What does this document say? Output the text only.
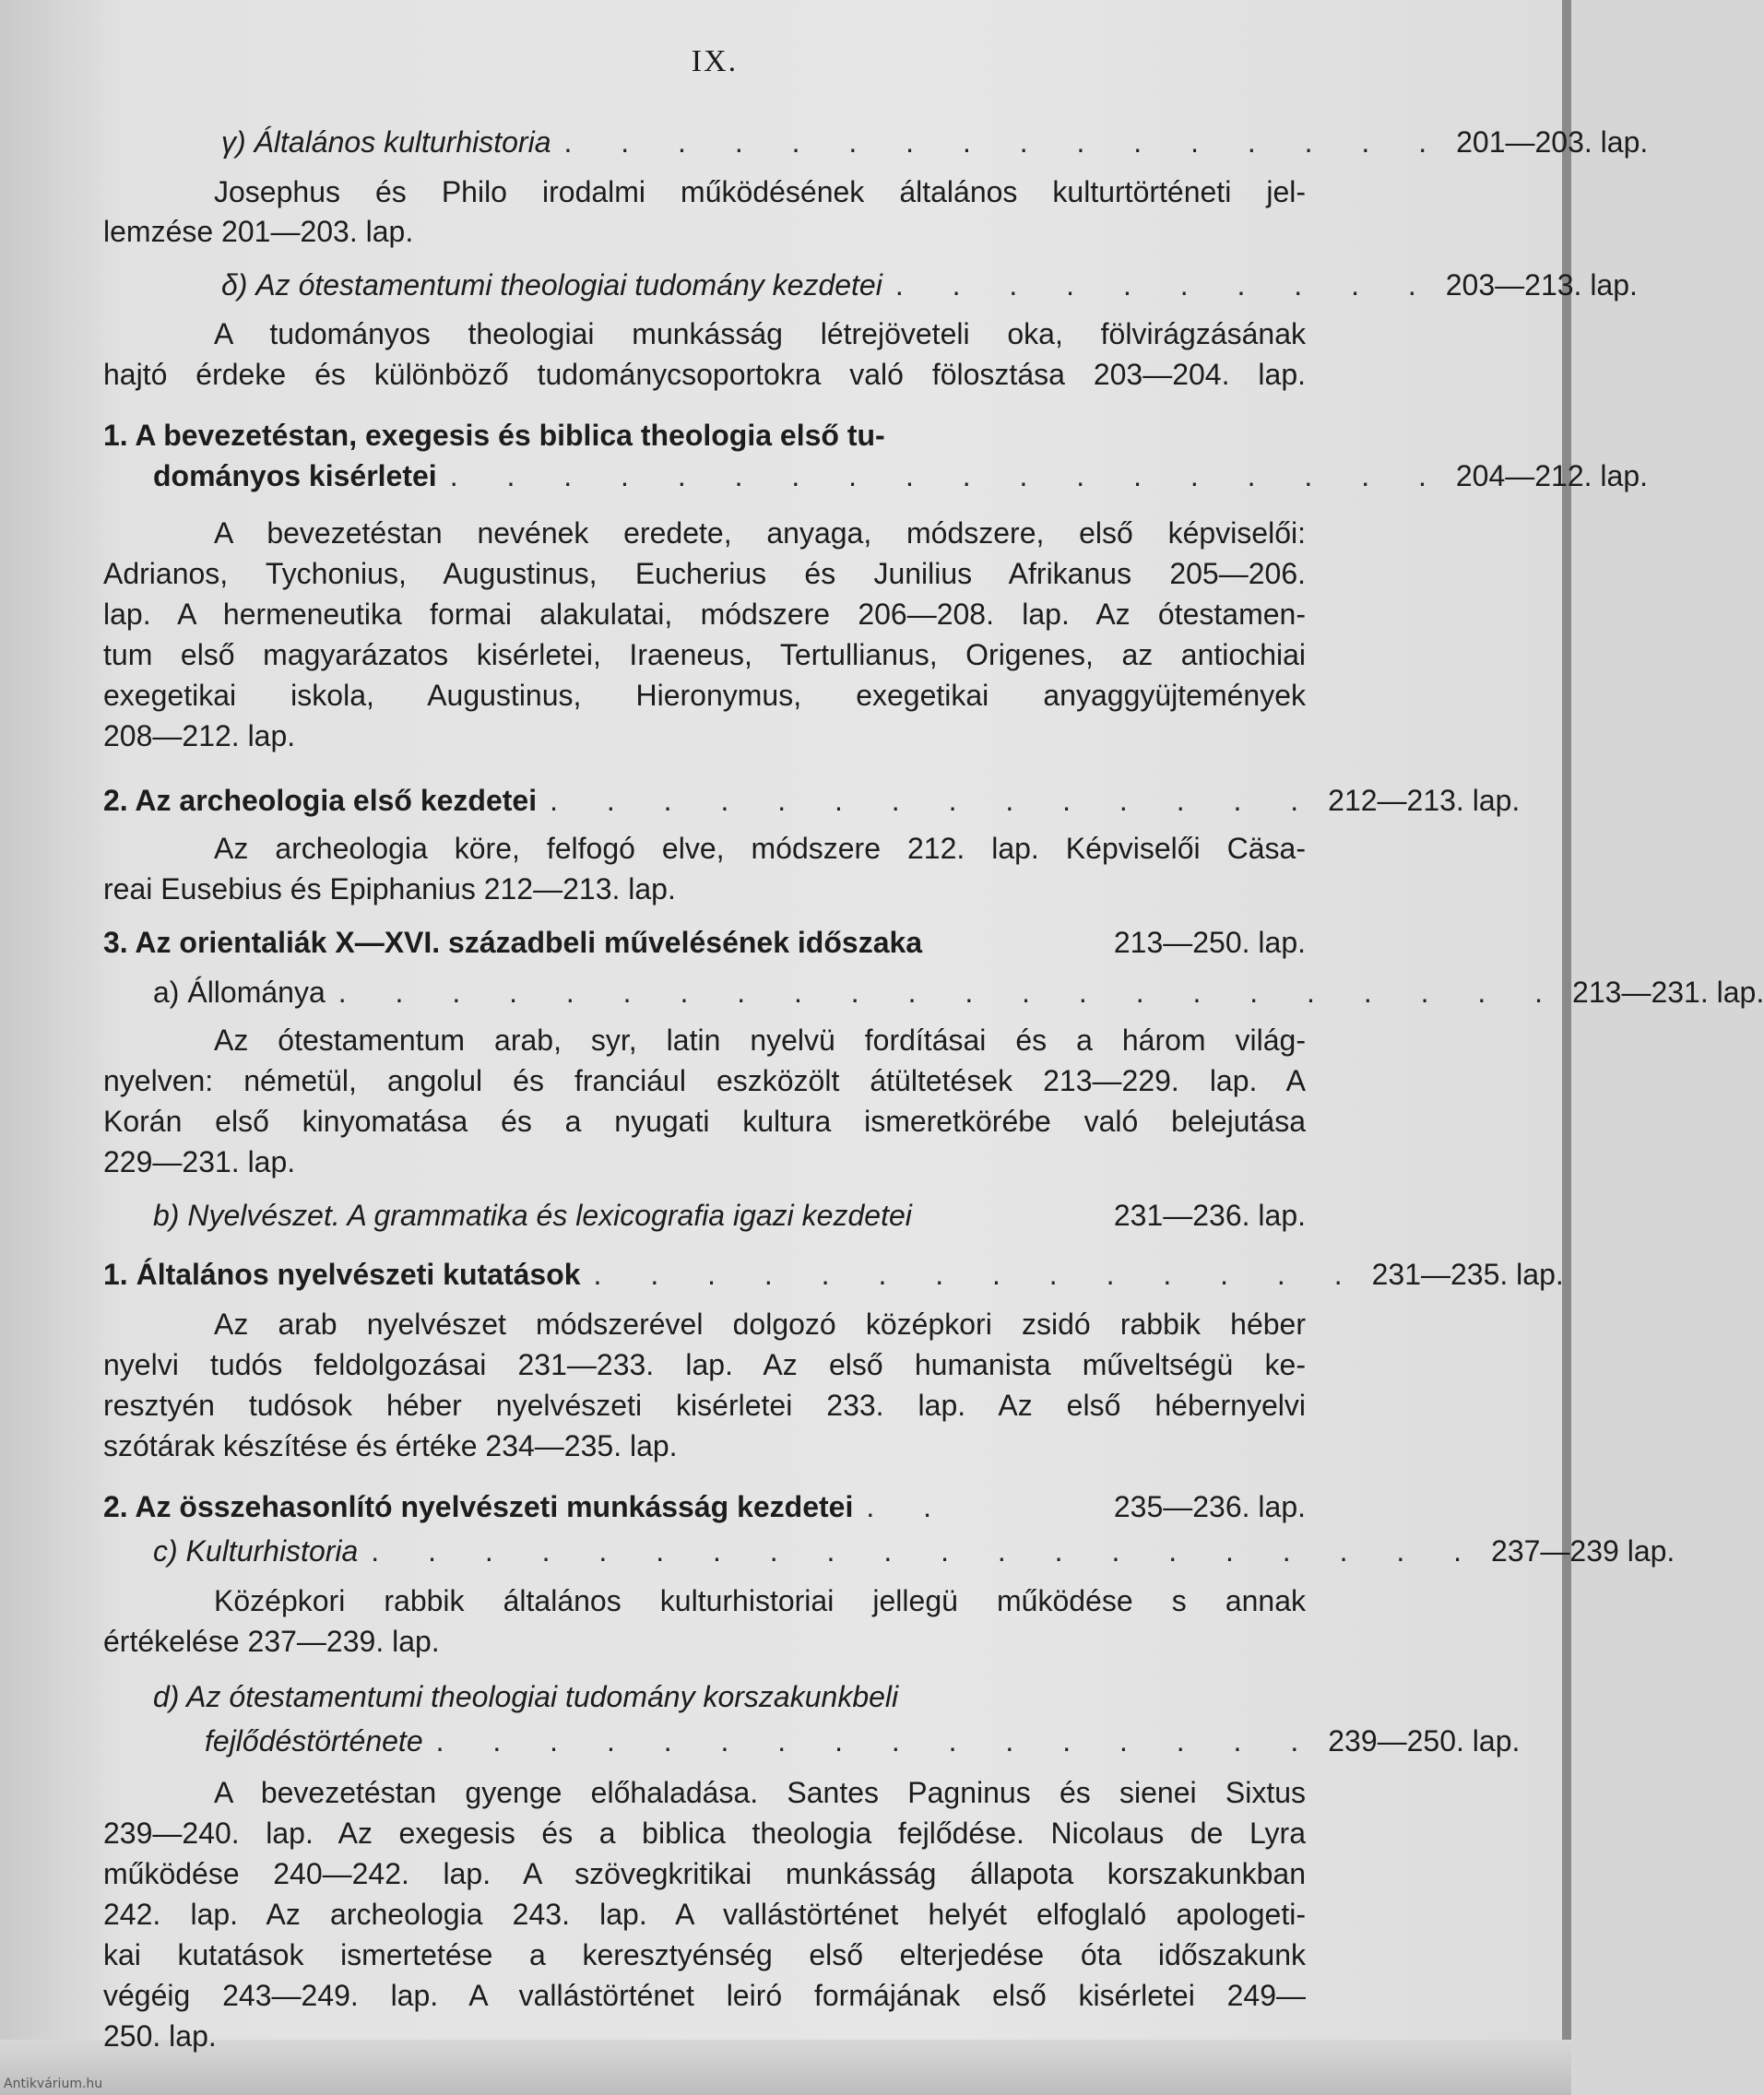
IX.
γ) Általános kulturhistoria . . . . . . . . . . . . . . . . 201—203. lap.
Josephus és Philo irodalmi működésének általános kulturtörténeti jel-
lemzése 201—203. lap.
δ) Az ótestamentumi theologiai tudomány kezdetei . . . . . . . . . . 203—213. lap.
A tudományos theologiai munkásság létrejöveteli oka, fölvirágzásának
hajtó érdeke és különböző tudománycsoportokra való fölosztása 203—204. lap.
1. A bevezetéstan, exegesis és biblica theologia első tu-
dományos kisérletei . . . . . . . . . . . . . . . . . . 204—212. lap.
A bevezetéstan nevének eredete, anyaga, módszere, első képviselői:
Adrianos, Tychonius, Augustinus, Eucherius és Junilius Afrikanus 205—206.
lap. A hermeneutika formai alakulatai, módszere 206—208. lap. Az ótestamen-
tum első magyarázatos kisérletei, Iraeneus, Tertullianus, Origenes, az antiochiai
exegetikai iskola, Augustinus, Hieronymus, exegetikai anyaggyüjtemények
208—212. lap.
2. Az archeologia első kezdetei . . . . . . . . . . . . . . 212—213. lap.
Az archeologia köre, felfogó elve, módszere 212. lap. Képviselői Cäsa-
reai Eusebius és Epiphanius 212—213. lap.
3. Az orientaliák X—XVI. századbeli művelésének időszaka	213—250. lap.
a) Állománya . . . . . . . . . . . . . . . . . . . . . . 213—231. lap.
Az ótestamentum arab, syr, latin nyelvü fordításai és a három világ-
nyelven: németül, angolul és franciául eszközölt átültetések 213—229. lap. A
Korán első kinyomatása és a nyugati kultura ismeretkörébe való belejutása
229—231. lap.
b) Nyelvészet. A grammatika és lexicografia igazi kezdetei	231—236. lap.
1. Általános nyelvészeti kutatások . . . . . . . . . . . . . . 231—235. lap.
Az arab nyelvészet módszerével dolgozó középkori zsidó rabbik héber
nyelvi tudós feldolgozásai 231—233. lap. Az első humanista műveltségü ke-
resztyén tudósok héber nyelvészeti kisérletei 233. lap. Az első hébernyelvi
szótárak készítése és értéke 234—235. lap.
2. Az összehasonlító nyelvészeti munkásság kezdetei . .	235—236. lap.
c) Kulturhistoria . . . . . . . . . . . . . . . . . . . . 237—239 lap.
Középkori rabbik általános kulturhistoriai jellegü működése s annak
értékelése 237—239. lap.
d) Az ótestamentumi theologiai tudomány korszakunkbeli
fejlődéstörténete . . . . . . . . . . . . . . . . 239—250. lap.
A bevezetéstan gyenge előhaladása. Santes Pagninus és sienei Sixtus
239—240. lap. Az exegesis és a biblica theologia fejlődése. Nicolaus de Lyra
működése 240—242. lap. A szövegkritikai munkásság állapota korszakunkban
242. lap. Az archeologia 243. lap. A vallástörténet helyét elfoglaló apologeti-
kai kutatások ismertetése a keresztyénség első elterjedése óta időszakunk
végéig 243—249. lap. A vallástörténet leiró formájának első kisérletei 249—
250. lap.
Antikvárium.hu
